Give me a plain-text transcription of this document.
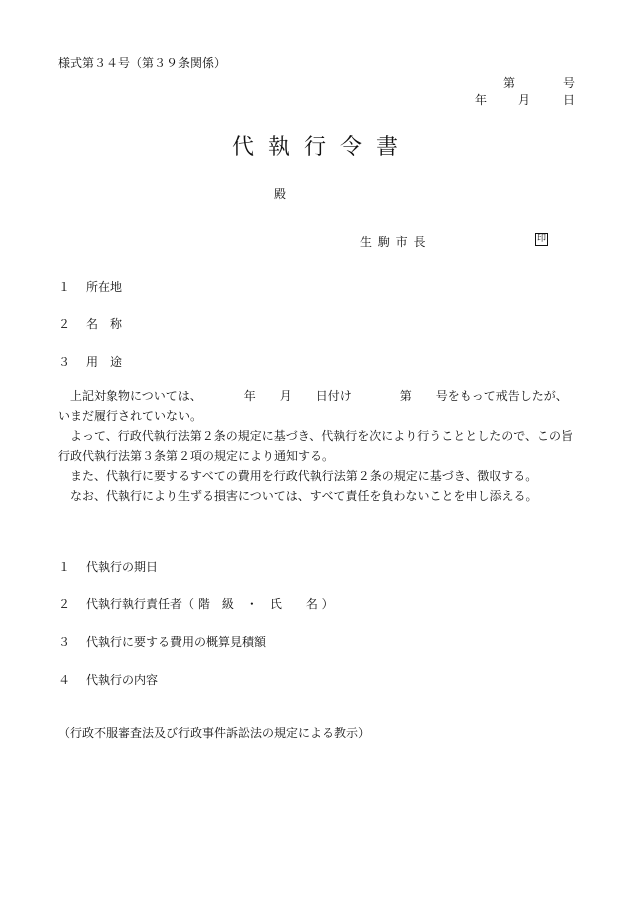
様式第３４号（第３９条関係）
第	号
年	月	日
代執行令書
殿
生 駒 市 長	印
１ 所在地
２ 名　称
３ 用　途

上記対象物については、　　　　年　　月　　日付け　　　　第　　号をもって戒告したが、いまだ履行されていない。

よって、行政代執行法第２条の規定に基づき、代執行を次により行うこととしたので、この旨行政代執行法第３条第２項の規定により通知する。

また、代執行に要するすべての費用を行政代執行法第２条の規定に基づき、徴収する。

なお、代執行により生ずる損害については、すべて責任を負わないことを申し添える。

１ 代執行の期日
２ 代執行執行責任者（ 階　級　・　氏　　名 ）
３ 代執行に要する費用の概算見積額
４ 代執行の内容
（行政不服審査法及び行政事件訴訟法の規定による教示）
